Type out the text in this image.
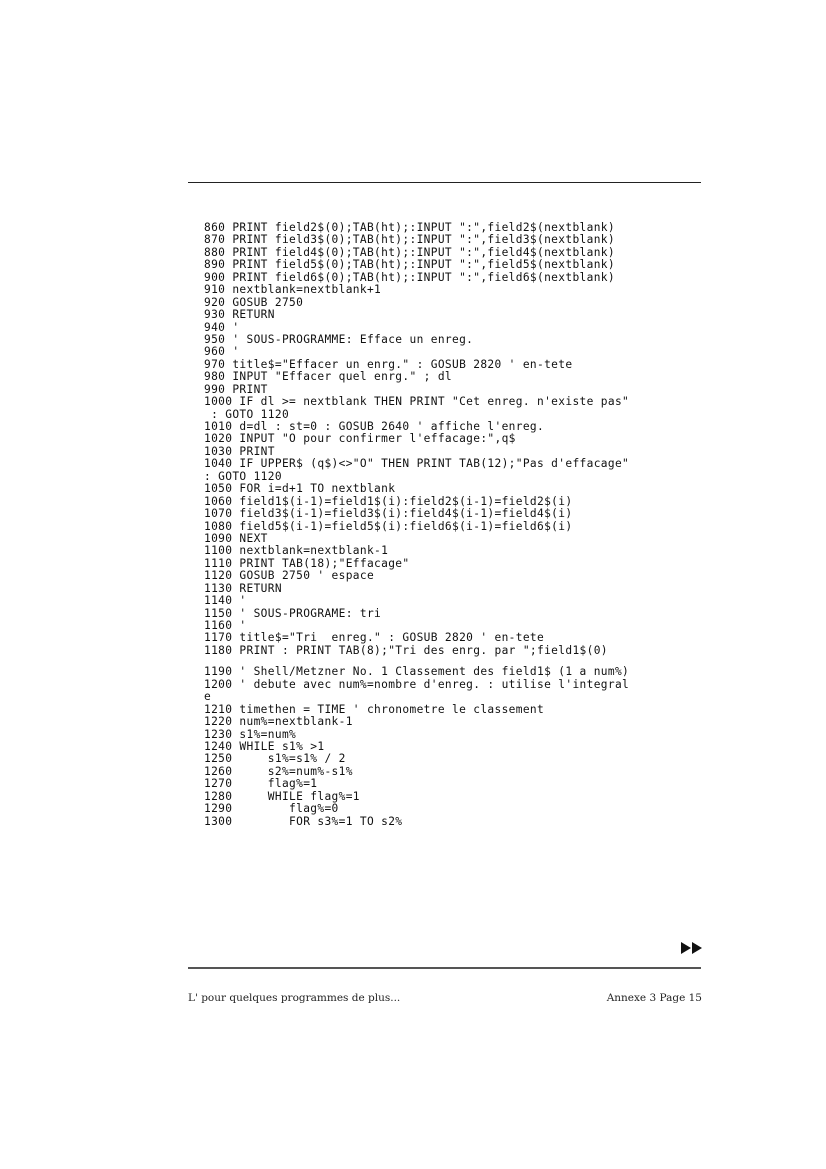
860 PRINT field2$(0);TAB(ht);:INPUT ":",field2$(nextblank)
870 PRINT field3$(0);TAB(ht);:INPUT ":",field3$(nextblank)
880 PRINT field4$(0);TAB(ht);:INPUT ":",field4$(nextblank)
890 PRINT field5$(0);TAB(ht);:INPUT ":",field5$(nextblank)
900 PRINT field6$(0);TAB(ht);:INPUT ":",field6$(nextblank)
910 nextblank=nextblank+1
920 GOSUB 2750
930 RETURN
940 '
950 ' SOUS-PROGRAMME: Efface un enreg.
960 '
970 title$="Effacer un enrg." : GOSUB 2820 ' en-tete
980 INPUT "Effacer quel enrg." ; dl
990 PRINT
1000 IF dl >= nextblank THEN PRINT "Cet enreg. n'existe pas"
: GOTO 1120
1010 d=dl : st=0 : GOSUB 2640 ' affiche l'enreg.
1020 INPUT "O pour confirmer l'effacage:",q$
1030 PRINT
1040 IF UPPER$ (q$)<>"O" THEN PRINT TAB(12);"Pas d'effacage"
: GOTO 1120
1050 FOR i=d+1 TO nextblank
1060 field1$(i-1)=field1$(i):field2$(i-1)=field2$(i)
1070 field3$(i-1)=field3$(i):field4$(i-1)=field4$(i)
1080 field5$(i-1)=field5$(i):field6$(i-1)=field6$(i)
1090 NEXT
1100 nextblank=nextblank-1
1110 PRINT TAB(18);"Effacage"
1120 GOSUB 2750 ' espace
1130 RETURN
1140 '
1150 ' SOUS-PROGRAME: tri
1160 '
1170 title$="Tri  enreg." : GOSUB 2820 ' en-tete
1180 PRINT : PRINT TAB(8);"Tri des enrg. par ";field1$(0)
1190 ' Shell/Metzner No. 1 Classement des field1$ (1 a num%)
1200 ' debute avec num%=nombre d'enreg. : utilise l'integral
e
1210 timethen = TIME ' chronometre le classement
1220 num%=nextblank-1
1230 s1%=num%
1240 WHILE s1% >1
1250     s1%=s1% / 2
1260     s2%=num%-s1%
1270     flag%=1
1280     WHILE flag%=1
1290        flag%=0
1300        FOR s3%=1 TO s2%
L' pour quelques programmes de plus...	Annexe 3 Page 15
